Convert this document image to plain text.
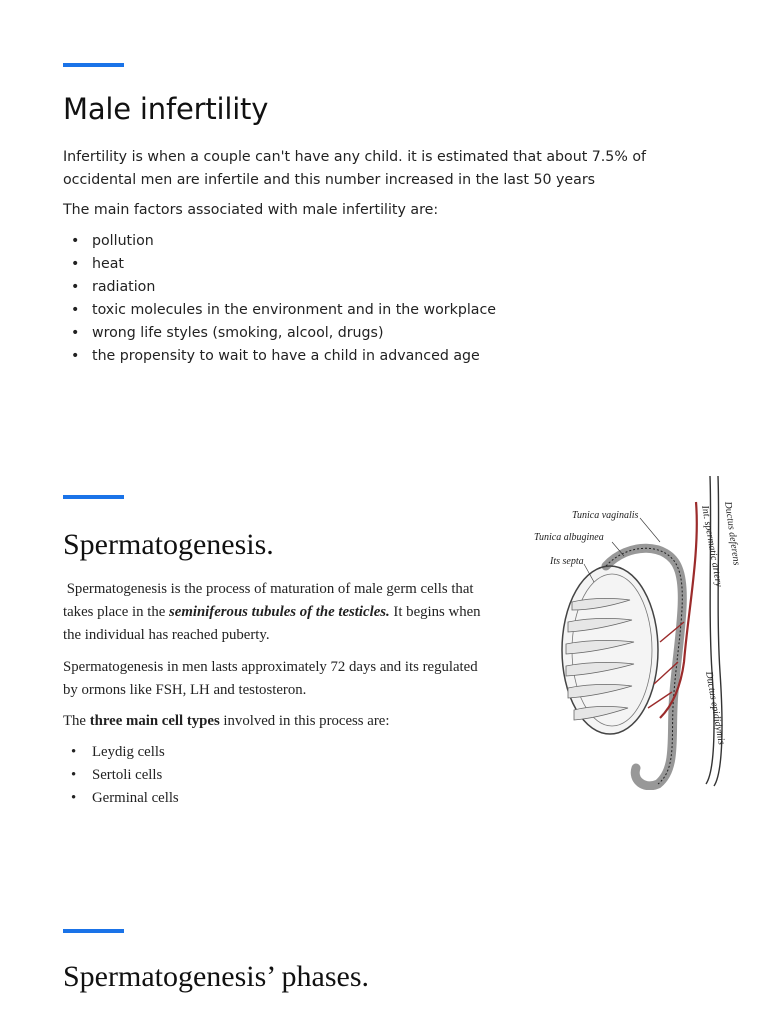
Male infertility

Infertility is when a couple can't have any child. it is estimated that about 7.5% of occidental men are infertile and this number increased in the last 50 years

The main factors associated with male infertility are:

• pollution
• heat
• radiation
• toxic molecules in the environment and in the workplace
• wrong life styles (smoking, alcool, drugs)
• the propensity to wait to have a child in advanced age
Spermatogenesis.

Spermatogenesis is the process of maturation of male germ cells that takes place in the seminiferous tubules of the testicles. It begins when the individual has reached puberty.

Spermatogenesis in men lasts approximately 72 days and its regulated by ormons like FSH, LH and testosteron.

The three main cell types involved in this process are:

• Leydig cells
• Sertoli cells
• Germinal cells
Tunica vaginalis
Tunica albuginea
Its septa	Ductus deferens
Int. spermatic artery
Ductus epididymis
Spermatogenesis’ phases.
